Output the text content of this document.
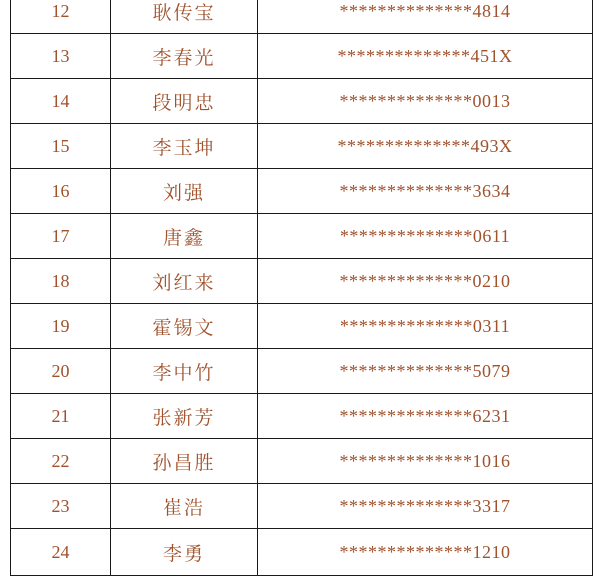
12	耿传宝	**************4814
13	李春光	**************451X
14	段明忠	**************0013
15	李玉坤	**************493X
16	刘强	**************3634
17	唐鑫	**************0611
18	刘红来	**************0210
19	霍锡文	**************0311
20	李中竹	**************5079
21	张新芳	**************6231
22	孙昌胜	**************1016
23	崔浩	**************3317
24	李勇	**************1210
